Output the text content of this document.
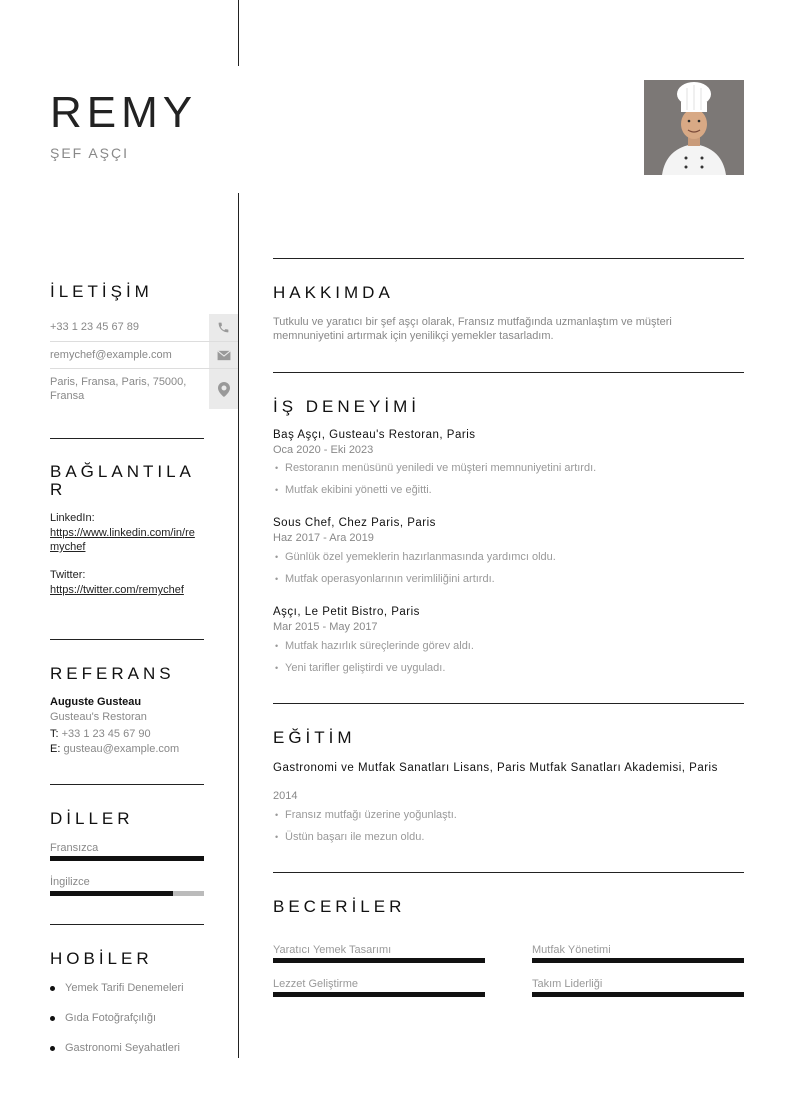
REMY
ŞEF AŞÇI
İLETİŞİM
+33 1 23 45 67 89
remychef@example.com
Paris, Fransa, Paris, 75000, Fransa
BAĞLANTILA R
LinkedIn:
https://www.linkedin.com/in/remychef
Twitter:
https://twitter.com/remychef
REFERANS
Auguste Gusteau
Gusteau's Restoran
T: +33 1 23 45 67 90
E: gusteau@example.com
DİLLER
Fransızca
İngilizce
HOBİLER
Yemek Tarifi Denemeleri
Gıda Fotoğrafçılığı
Gastronomi Seyahatleri
HAKKIMDA
Tutkulu ve yaratıcı bir şef aşçı olarak, Fransız mutfağında uzmanlaştım ve müşteri memnuniyetini artırmak için yenilikçi yemekler tasarladım.
İŞ DENEYİMİ
Baş Aşçı, Gusteau's Restoran, Paris
Oca 2020 - Eki 2023
• Restoranın menüsünü yeniledi ve müşteri memnuniyetini artırdı.
• Mutfak ekibini yönetti ve eğitti.
Sous Chef, Chez Paris, Paris
Haz 2017 - Ara 2019
• Günlük özel yemeklerin hazırlanmasında yardımcı oldu.
• Mutfak operasyonlarının verimliliğini artırdı.
Aşçı, Le Petit Bistro, Paris
Mar 2015 - May 2017
• Mutfak hazırlık süreçlerinde görev aldı.
• Yeni tarifler geliştirdi ve uyguladı.
EĞİTİM
Gastronomi ve Mutfak Sanatları Lisans, Paris Mutfak Sanatları Akademisi, Paris
2014
• Fransız mutfağı üzerine yoğunlaştı.
• Üstün başarı ile mezun oldu.
BECERİLER
Yaratıcı Yemek Tasarımı	Mutfak Yönetimi
Lezzet Geliştirme	Takım Liderliği
